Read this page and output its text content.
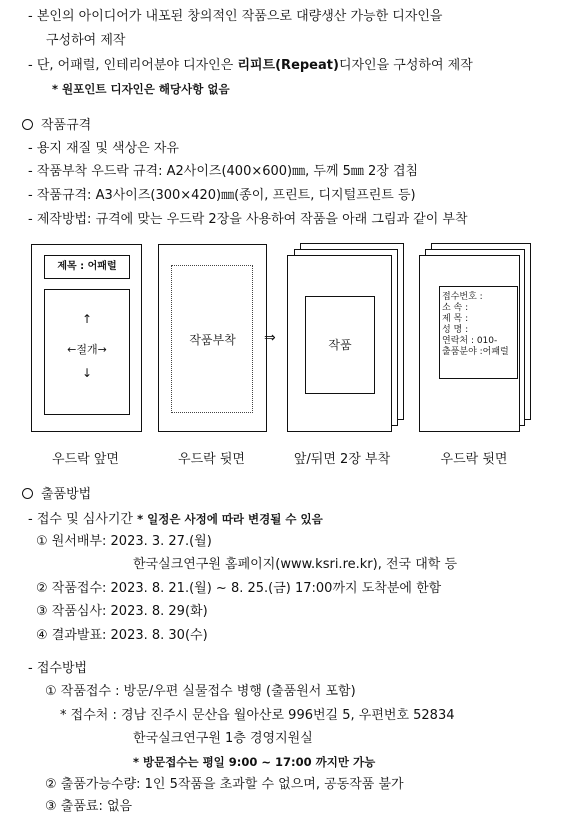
- 본인의 아이디어가 내포된 창의적인 작품으로 대량생산 가능한 디자인을
구성하여 제작
- 단, 어패럴, 인테리어분야 디자인은 리피트(Repeat)디자인을 구성하여 제작
* 원포인트 디자인은 해당사항 없음
작품규격
- 용지 재질 및 색상은 자유
- 작품부착 우드락 규격: A2사이즈(400×600)㎜, 두께 5㎜ 2장 겹침
- 작품규격: A3사이즈(300×420)㎜(종이, 프린트, 디지털프린트 등)
- 제작방법: 규격에 맞는 우드락 2장을 사용하여 작품을 아래 그림과 같이 부착
제목 : 어패럴
↑
←절개→
↓
작품부착	⇒	작품
접수번호 :
소 속 :
제 목 :
성 명 :
연락처 : 010-
출품분야 :어패럴
우드락 앞면	우드락 뒷면	앞/뒤면 2장 부착	우드락 뒷면
출품방법
- 접수 및 심사기간 * 일정은 사정에 따라 변경될 수 있음
① 원서배부: 2023. 3. 27.(월)
한국실크연구원 홈페이지(www.ksri.re.kr), 전국 대학 등
② 작품접수: 2023. 8. 21.(월) ~ 8. 25.(금) 17:00까지 도착분에 한함
③ 작품심사: 2023. 8. 29(화)
④ 결과발표: 2023. 8. 30(수)
- 접수방법
① 작품접수 : 방문/우편 실물접수 병행 (출품원서 포함)
* 접수처 : 경남 진주시 문산읍 월아산로 996번길 5, 우편번호 52834
한국실크연구원 1층 경영지원실
* 방문접수는 평일 9:00 ~ 17:00 까지만 가능
② 출품가능수량: 1인 5작품을 초과할 수 없으며, 공동작품 불가
③ 출품료: 없음
